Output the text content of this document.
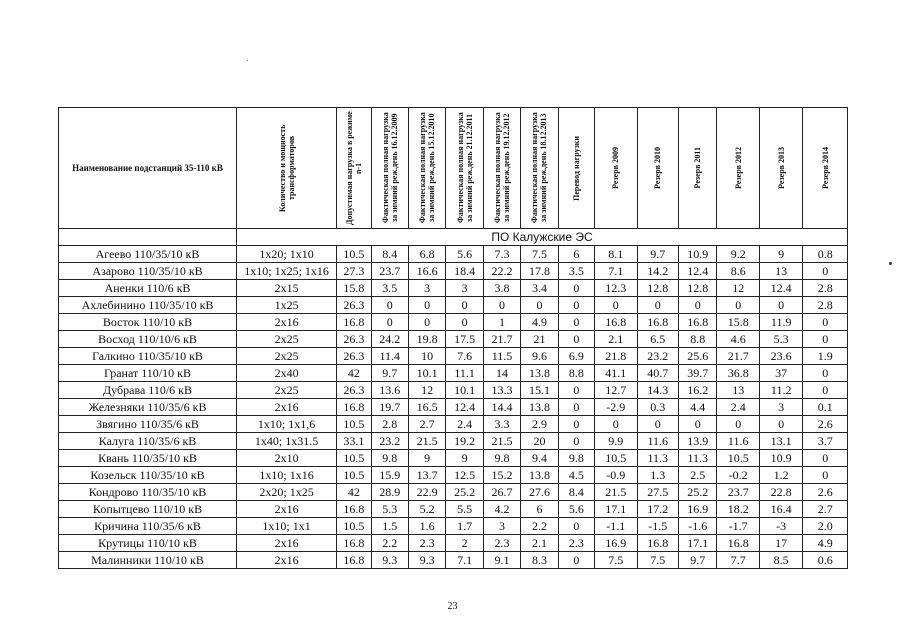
Наименование подстанций 35-110 кВ	Количество и мощность трансформаторов	Допустимая нагрузка в режиме n-1	Фактическая полная нагрузка за зимний реж.день 16.12.2009	Фактическая полная нагрузка за зимний реж.день 15.12.2010	Фактическая полная нагрузка за зимний реж.день 21.12.2011	Фактическая полная нагрузка за зимний реж.день 19.12.2012	Фактическая полная нагрузка за зимний реж.день 18.12.2013	Перевод нагрузки	Резерв 2009	Резерв 2010	Резерв 2011	Резерв 2012	Резерв 2013	Резерв 2014

	ПО Калужские ЭС													
Агеево 110/35/10 кВ	1x20; 1x10	10.5	8.4	6.8	5.6	7.3	7.5	6	8.1	9.7	10.9	9.2	9	0.8
Азарово 110/35/10 кВ	1x10; 1x25; 1x16	27.3	23.7	16.6	18.4	22.2	17.8	3.5	7.1	14.2	12.4	8.6	13	0
Аненки 110/6 кВ	2x15	15.8	3.5	3	3	3.8	3.4	0	12.3	12.8	12.8	12	12.4	2.8
Ахлебинино 110/35/10 кВ	1x25	26.3	0	0	0	0	0	0	0	0	0	0	0	2.8
Восток 110/10 кВ	2x16	16.8	0	0	0	1	4.9	0	16.8	16.8	16.8	15.8	11.9	0
Восход 110/10/6 кВ	2x25	26.3	24.2	19.8	17.5	21.7	21	0	2.1	6.5	8.8	4.6	5.3	0
Галкино 110/35/10 кВ	2x25	26.3	11.4	10	7.6	11.5	9.6	6.9	21.8	23.2	25.6	21.7	23.6	1.9
Гранат 110/10 кВ	2x40	42	9.7	10.1	11.1	14	13.8	8.8	41.1	40.7	39.7	36.8	37	0
Дубрава 110/6 кВ	2x25	26.3	13.6	12	10.1	13.3	15.1	0	12.7	14.3	16.2	13	11.2	0
Железняки 110/35/6 кВ	2x16	16.8	19.7	16.5	12.4	14.4	13.8	0	-2.9	0.3	4.4	2.4	3	0.1
Звягино 110/35/6 кВ	1x10; 1x1,6	10.5	2.8	2.7	2.4	3.3	2.9	0	0	0	0	0	0	2.6
Калуга 110/35/6 кВ	1x40; 1x31.5	33.1	23.2	21.5	19.2	21.5	20	0	9.9	11.6	13.9	11.6	13.1	3.7
Квань 110/35/10 кВ	2x10	10.5	9.8	9	9	9.8	9.4	9.8	10.5	11.3	11.3	10.5	10.9	0
Козельск 110/35/10 кВ	1x10; 1x16	10.5	15.9	13.7	12.5	15.2	13.8	4.5	-0.9	1.3	2.5	-0.2	1.2	0
Кондрово 110/35/10 кВ	2x20; 1x25	42	28.9	22.9	25.2	26.7	27.6	8.4	21.5	27.5	25.2	23.7	22.8	2.6
Копытцево 110/10 кВ	2x16	16.8	5.3	5.2	5.5	4.2	6	5.6	17.1	17.2	16.9	18.2	16.4	2.7
Кричина 110/35/6 кВ	1x10; 1x1	10.5	1.5	1.6	1.7	3	2.2	0	-1.1	-1.5	-1.6	-1.7	-3	2.0
Крутицы 110/10 кВ	2x16	16.8	2.2	2.3	2	2.3	2.1	2.3	16.9	16.8	17.1	16.8	17	4.9
Малинники 110/10 кВ	2x16	16.8	9.3	9.3	7.1	9.1	8.3	0	7.5	7.5	9.7	7.7	8.5	0.6
23
